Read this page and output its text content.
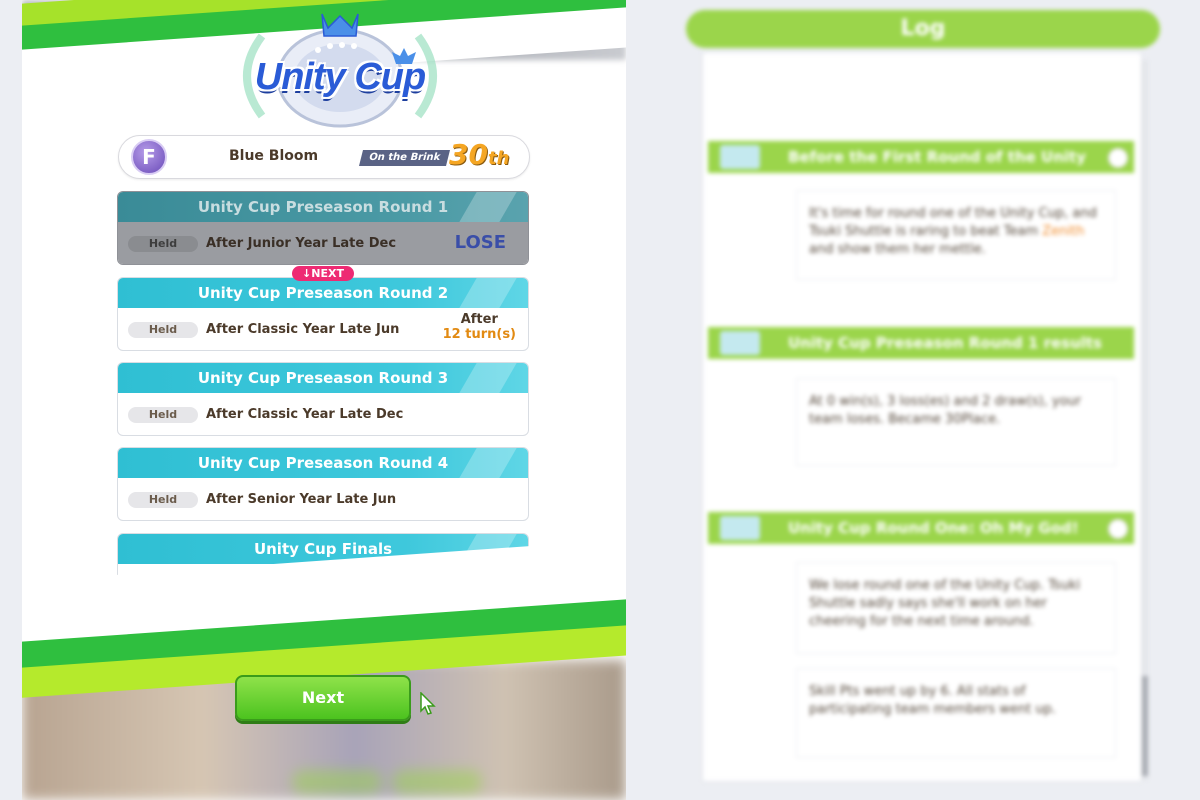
Unity Cup
F	Blue Bloom	On the Brink 30th
Unity Cup Preseason Round 1
Held	After Junior Year Late Dec	LOSE
↓NEXT
Unity Cup Preseason Round 2
Held	After Classic Year Late Jun
After
12 turn(s)
Unity Cup Preseason Round 3
Held	After Classic Year Late Dec
Unity Cup Preseason Round 4
Held	After Senior Year Late Jun
Unity Cup Finals
Next
Log
Before the First Round of the Unity
It's time for round one of the Unity Cup, and Tsuki Shuttle is raring to beat Team Zenith and show them her mettle.
Unity Cup Preseason Round 1 results
At 0 win(s), 3 loss(es) and 2 draw(s), your team loses. Became 30Place.
Unity Cup Round One: Oh My God!
We lose round one of the Unity Cup. Tsuki Shuttle sadly says she'll work on her cheering for the next time around.
Skill Pts went up by 6. All stats of participating team members went up.
